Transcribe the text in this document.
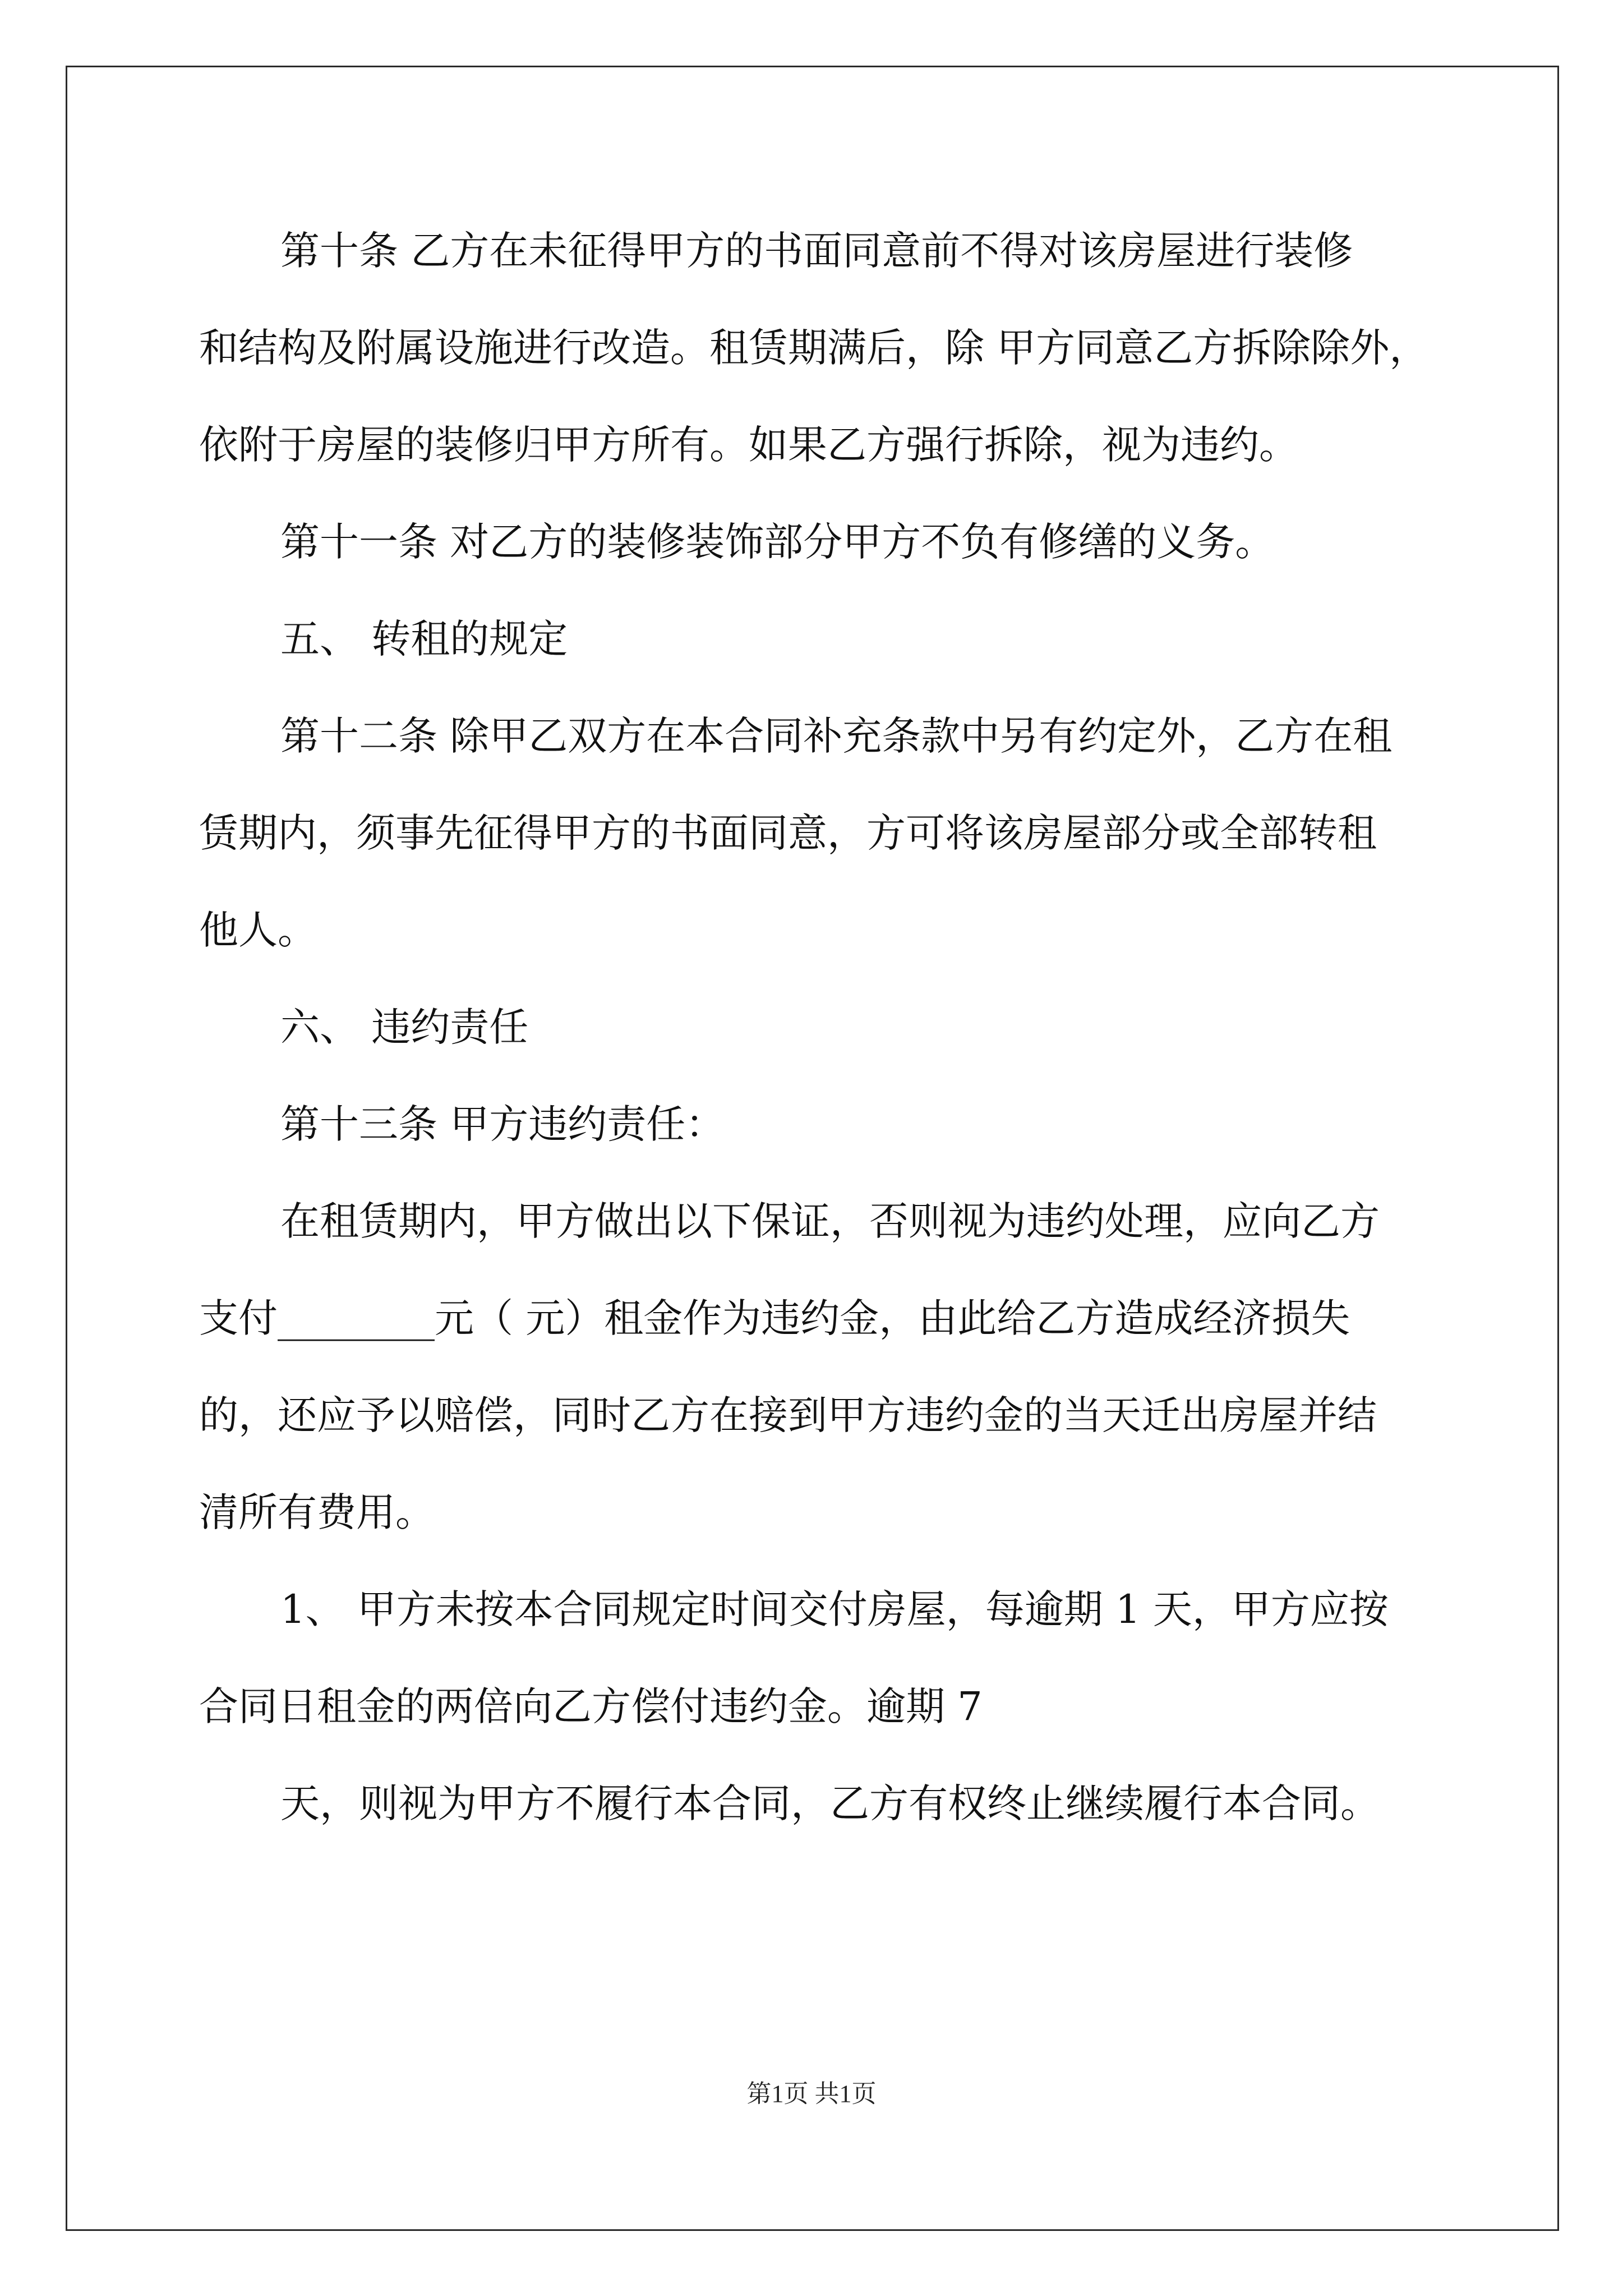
第十条 乙方在未征得甲方的书面同意前不得对该房屋进行装修
和结构及附属设施进行改造。租赁期满后，除 甲方同意乙方拆除除外，
依附于房屋的装修归甲方所有。如果乙方强行拆除，视为违约。
第十一条 对乙方的装修装饰部分甲方不负有修缮的义务。
五、 转租的规定
第十二条 除甲乙双方在本合同补充条款中另有约定外，乙方在租
赁期内，须事先征得甲方的书面同意，方可将该房屋部分或全部转租
他人。
六、 违约责任
第十三条 甲方违约责任：
在租赁期内，甲方做出以下保证，否则视为违约处理，应向乙方
支付________元（ 元）租金作为违约金，由此给乙方造成经济损失
的，还应予以赔偿，同时乙方在接到甲方违约金的当天迁出房屋并结
清所有费用。
1、 甲方未按本合同规定时间交付房屋，每逾期 1 天，甲方应按
合同日租金的两倍向乙方偿付违约金。逾期 7
天，则视为甲方不履行本合同，乙方有权终止继续履行本合同。
第1页 共1页
